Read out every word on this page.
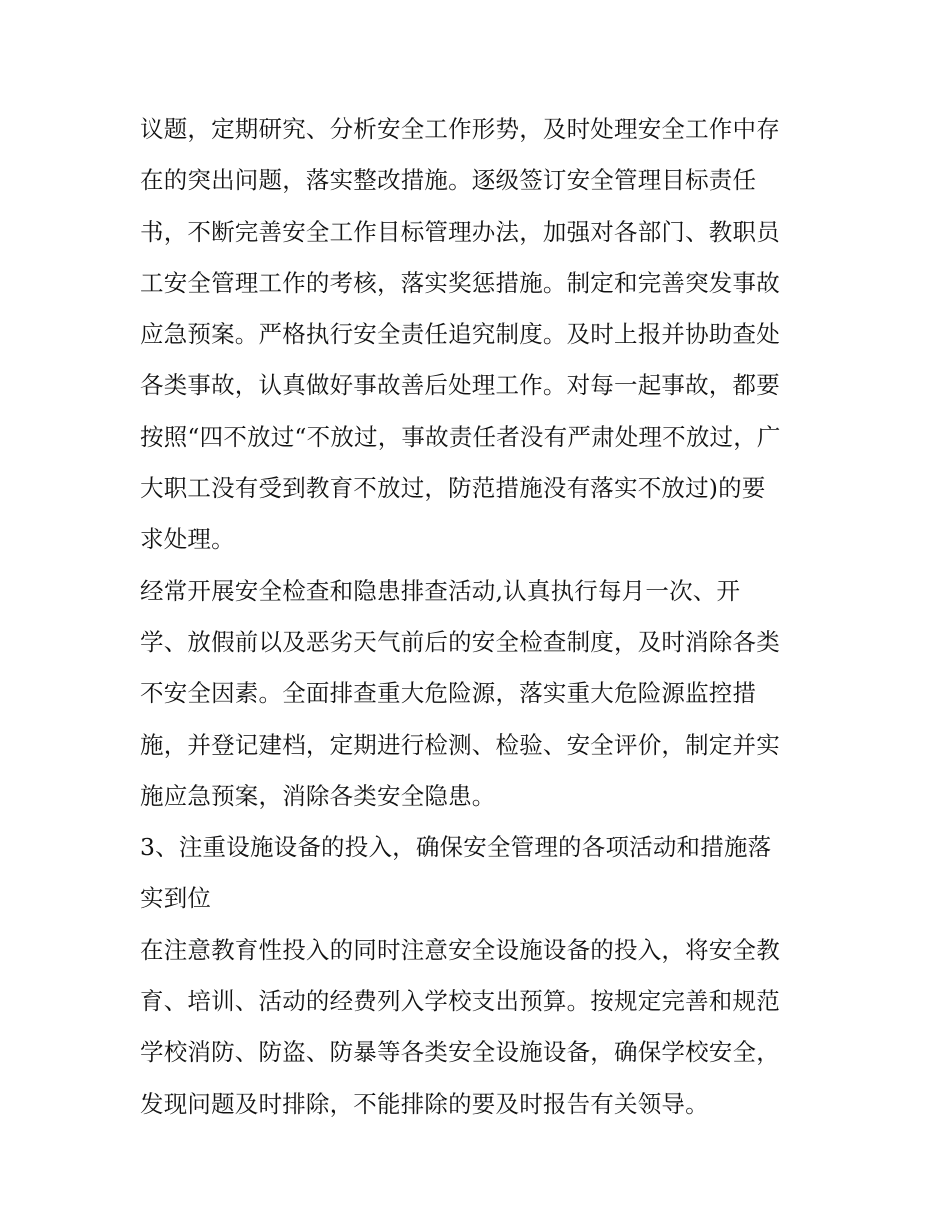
议题，定期研究、分析安全工作形势，及时处理安全工作中存
在的突出问题，落实整改措施。逐级签订安全管理目标责任
书，不断完善安全工作目标管理办法，加强对各部门、教职员
工安全管理工作的考核，落实奖惩措施。制定和完善突发事故
应急预案。严格执行安全责任追究制度。及时上报并协助查处
各类事故，认真做好事故善后处理工作。对每一起事故，都要
按照“四不放过“不放过，事故责任者没有严肃处理不放过，广
大职工没有受到教育不放过，防范措施没有落实不放过)的要
求处理。
经常开展安全检查和隐患排查活动,认真执行每月一次、开
学、放假前以及恶劣天气前后的安全检查制度，及时消除各类
不安全因素。全面排查重大危险源，落实重大危险源监控措
施，并登记建档，定期进行检测、检验、安全评价，制定并实
施应急预案，消除各类安全隐患。
3、注重设施设备的投入，确保安全管理的各项活动和措施落
实到位
在注意教育性投入的同时注意安全设施设备的投入，将安全教
育、培训、活动的经费列入学校支出预算。按规定完善和规范
学校消防、防盗、防暴等各类安全设施设备，确保学校安全，
发现问题及时排除，不能排除的要及时报告有关领导。
